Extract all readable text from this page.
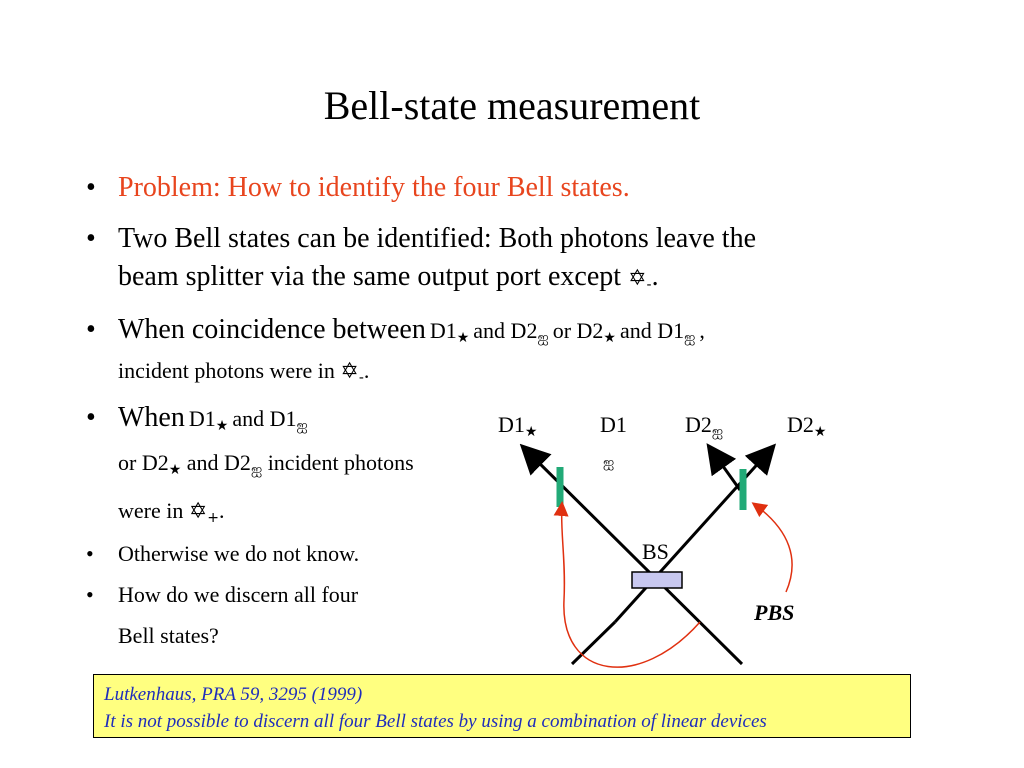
Bell-state measurement
• Problem: How to identify the four Bell states.
• Two Bell states can be identified: Both photons leave the
beam splitter via the same output port except ✡-.
• When coincidence between D1★ and D2ஐ or D2★ and D1ஐ ,
incident photons were in ✡-.
• When D1★ and D1ஐ
or D2★ and D2ஐ incident photons
were in ✡+.
• Otherwise we do not know.
• How do we discern all four
Bell states?
D1★	D1
ஐ
D2ஐ	D2★
BS
PBS
Lutkenhaus, PRA 59, 3295 (1999)
It is not possible to discern all four Bell states by using a combination of linear devices
